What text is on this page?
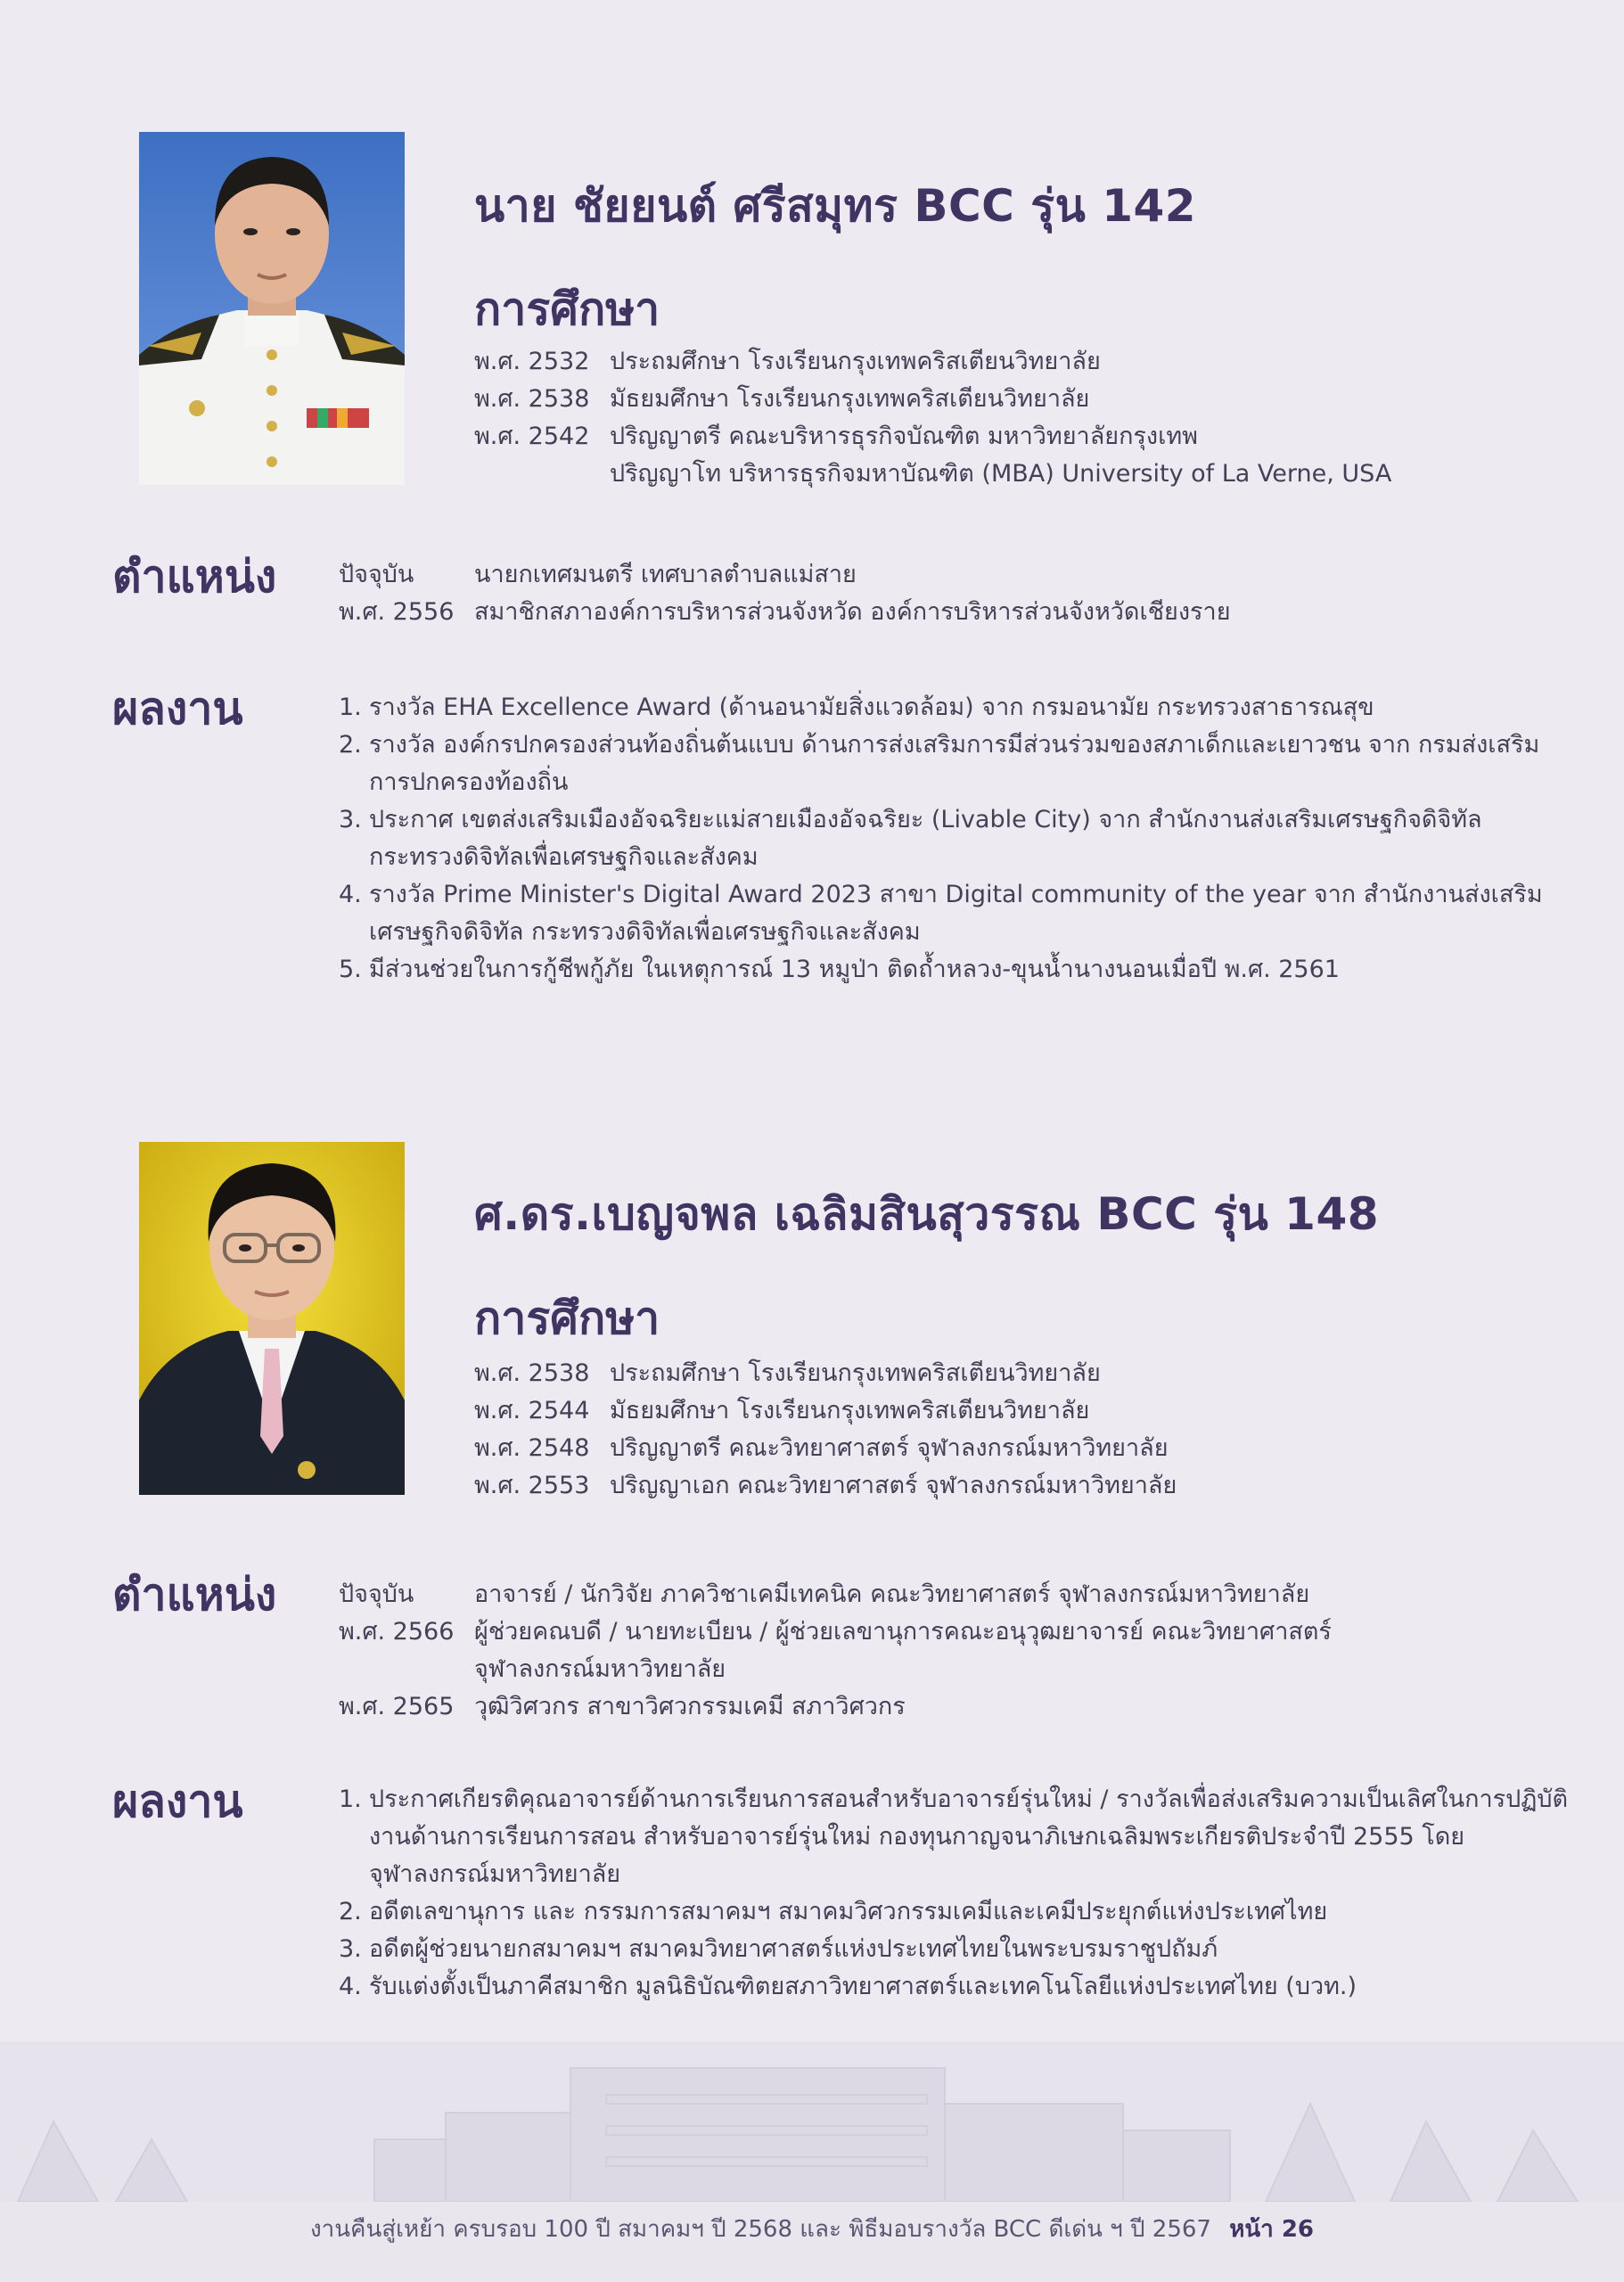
นาย ชัยยนต์ ศรีสมุทร BCC รุ่น 142
การศึกษา
พ.ศ. 2532 ประถมศึกษา โรงเรียนกรุงเทพคริสเตียนวิทยาลัย
พ.ศ. 2538 มัธยมศึกษา โรงเรียนกรุงเทพคริสเตียนวิทยาลัย
พ.ศ. 2542 ปริญญาตรี คณะบริหารธุรกิจบัณฑิต มหาวิทยาลัยกรุงเทพ
ปริญญาโท บริหารธุรกิจมหาบัณฑิต (MBA) University of La Verne, USA
ตำแหน่ง	ปัจจุบัน	นายกเทศมนตรี เทศบาลตำบลแม่สาย
พ.ศ. 2556 สมาชิกสภาองค์การบริหารส่วนจังหวัด องค์การบริหารส่วนจังหวัดเชียงราย
ผลงาน	1. รางวัล EHA Excellence Award (ด้านอนามัยสิ่งแวดล้อม) จาก กรมอนามัย กระทรวงสาธารณสุข
2. รางวัล องค์กรปกครองส่วนท้องถิ่นต้นแบบ ด้านการส่งเสริมการมีส่วนร่วมของสภาเด็กและเยาวชน จาก กรมส่งเสริมการปกครองท้องถิ่น
3. ประกาศ เขตส่งเสริมเมืองอัจฉริยะแม่สายเมืองอัจฉริยะ (Livable City) จาก สำนักงานส่งเสริมเศรษฐกิจดิจิทัล กระทรวงดิจิทัลเพื่อเศรษฐกิจและสังคม
4. รางวัล Prime Minister's Digital Award 2023 สาขา Digital community of the year จาก สำนักงานส่งเสริมเศรษฐกิจดิจิทัล กระทรวงดิจิทัลเพื่อเศรษฐกิจและสังคม
5. มีส่วนช่วยในการกู้ชีพกู้ภัย ในเหตุการณ์ 13 หมูป่า ติดถ้ำหลวง-ขุนน้ำนางนอนเมื่อปี พ.ศ. 2561
ศ.ดร.เบญจพล เฉลิมสินสุวรรณ BCC รุ่น 148
การศึกษา
พ.ศ. 2538 ประถมศึกษา โรงเรียนกรุงเทพคริสเตียนวิทยาลัย
พ.ศ. 2544 มัธยมศึกษา โรงเรียนกรุงเทพคริสเตียนวิทยาลัย
พ.ศ. 2548 ปริญญาตรี คณะวิทยาศาสตร์ จุฬาลงกรณ์มหาวิทยาลัย
พ.ศ. 2553 ปริญญาเอก คณะวิทยาศาสตร์ จุฬาลงกรณ์มหาวิทยาลัย
ตำแหน่ง	ปัจจุบัน	อาจารย์ / นักวิจัย ภาควิชาเคมีเทคนิค คณะวิทยาศาสตร์ จุฬาลงกรณ์มหาวิทยาลัย
พ.ศ. 2566 ผู้ช่วยคณบดี / นายทะเบียน / ผู้ช่วยเลขานุการคณะอนุวุฒยาจารย์ คณะวิทยาศาสตร์ จุฬาลงกรณ์มหาวิทยาลัย
พ.ศ. 2565 วุฒิวิศวกร สาขาวิศวกรรมเคมี สภาวิศวกร
ผลงาน	1. ประกาศเกียรติคุณอาจารย์ด้านการเรียนการสอนสำหรับอาจารย์รุ่นใหม่ / รางวัลเพื่อส่งเสริมความเป็นเลิศในการปฏิบัติงานด้านการเรียนการสอน สำหรับอาจารย์รุ่นใหม่ กองทุนกาญจนาภิเษกเฉลิมพระเกียรติประจำปี 2555 โดย จุฬาลงกรณ์มหาวิทยาลัย
2. อดีตเลขานุการ และ กรรมการสมาคมฯ สมาคมวิศวกรรมเคมีและเคมีประยุกต์แห่งประเทศไทย
3. อดีตผู้ช่วยนายกสมาคมฯ สมาคมวิทยาศาสตร์แห่งประเทศไทยในพระบรมราชูปถัมภ์
4. รับแต่งตั้งเป็นภาคีสมาชิก มูลนิธิบัณฑิตยสภาวิทยาศาสตร์และเทคโนโลยีแห่งประเทศไทย (บวท.)
งานคืนสู่เหย้า ครบรอบ 100 ปี สมาคมฯ ปี 2568 และ พิธีมอบรางวัล BCC ดีเด่น ฯ ปี 2567 หน้า 26
